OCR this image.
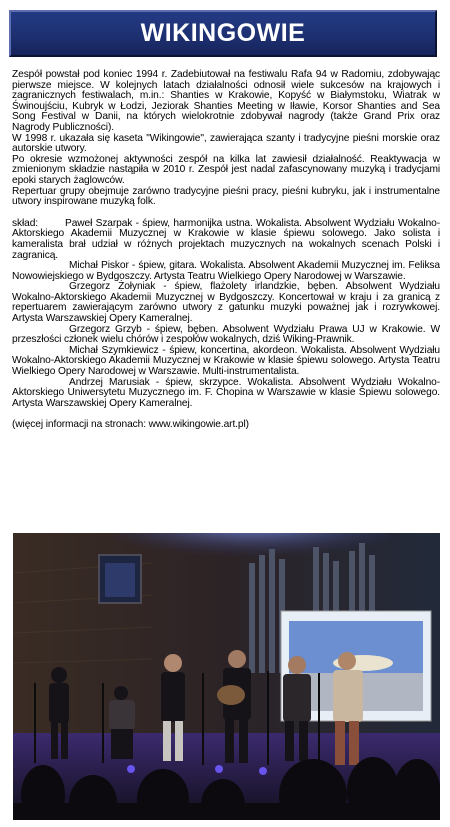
WIKINGOWIE

Zespół powstał pod koniec 1994 r. Zadebiutował na festiwalu Rafa 94 w Radomiu, zdobywając pierwsze miejsce. W kolejnych latach działalności odnosił wiele sukcesów na krajowych i zagranicznych festiwalach, m.in.: Shanties w Krakowie, Kopyść w Białymstoku, Wiatrak w Świnoujściu, Kubryk w Łodzi, Jeziorak Shanties Meeting w Iławie, Korsor Shanties and Sea Song Festival w Danii, na których wielokrotnie zdobywał nagrody (także Grand Prix oraz Nagrody Publiczności).

W 1998 r. ukazała się kaseta "Wikingowie", zawierająca szanty i tradycyjne pieśni morskie oraz autorskie utwory.

Po okresie wzmożonej aktywności zespół na kilka lat zawiesił działalność. Reaktywacja w zmienionym składzie nastąpiła w 2010 r. Zespół jest nadal zafascynowany muzyką i tradycjami epoki starych żaglowców.

Repertuar grupy obejmuje zarówno tradycyjne pieśni pracy, pieśni kubryku, jak i instrumentalne utwory inspirowane muzyką folk.

skład:	Paweł Szarpak - śpiew, harmonijka ustna. Wokalista. Absolwent Wydziału Wokalno-Aktorskiego Akademii Muzycznej w Krakowie w klasie śpiewu solowego. Jako solista i kameralista brał udział w różnych projektach muzycznych na wokalnych scenach Polski i zagranicą.

Michał Piskor - śpiew, gitara. Wokalista. Absolwent Akademii Muzycznej im. Feliksa Nowowiejskiego w Bydgoszczy. Artysta Teatru Wielkiego Opery Narodowej w Warszawie.

Grzegorz Żołyniak - śpiew, flażolety irlandzkie, bęben. Absolwent Wydziału Wokalno-Aktorskiego Akademii Muzycznej w Bydgoszczy. Koncertował w kraju i za granicą z repertuarem zawierającym zarówno utwory z gatunku muzyki poważnej jak i rozrywkowej. Artysta Warszawskiej Opery Kameralnej.

Grzegorz Grzyb - śpiew, bęben. Absolwent Wydziału Prawa UJ w Krakowie. W przeszłości członek wielu chórów i zespołów wokalnych, dziś Wiking-Prawnik.

Michał Szymkiewicz - śpiew, koncertina, akordeon. Wokalista. Absolwent Wydziału Wokalno-Aktorskiego Akademii Muzycznej w Krakowie w klasie śpiewu solowego. Artysta Teatru Wielkiego Opery Narodowej w Warszawie. Multi-instrumentalista.

Andrzej Marusiak - śpiew, skrzypce. Wokalista. Absolwent Wydziału Wokalno-Aktorskiego Uniwersytetu Muzycznego im. F. Chopina w Warszawie w klasie Śpiewu solowego. Artysta Warszawskiej Opery Kameralnej.

(więcej informacji na stronach: www.wikingowie.art.pl)
